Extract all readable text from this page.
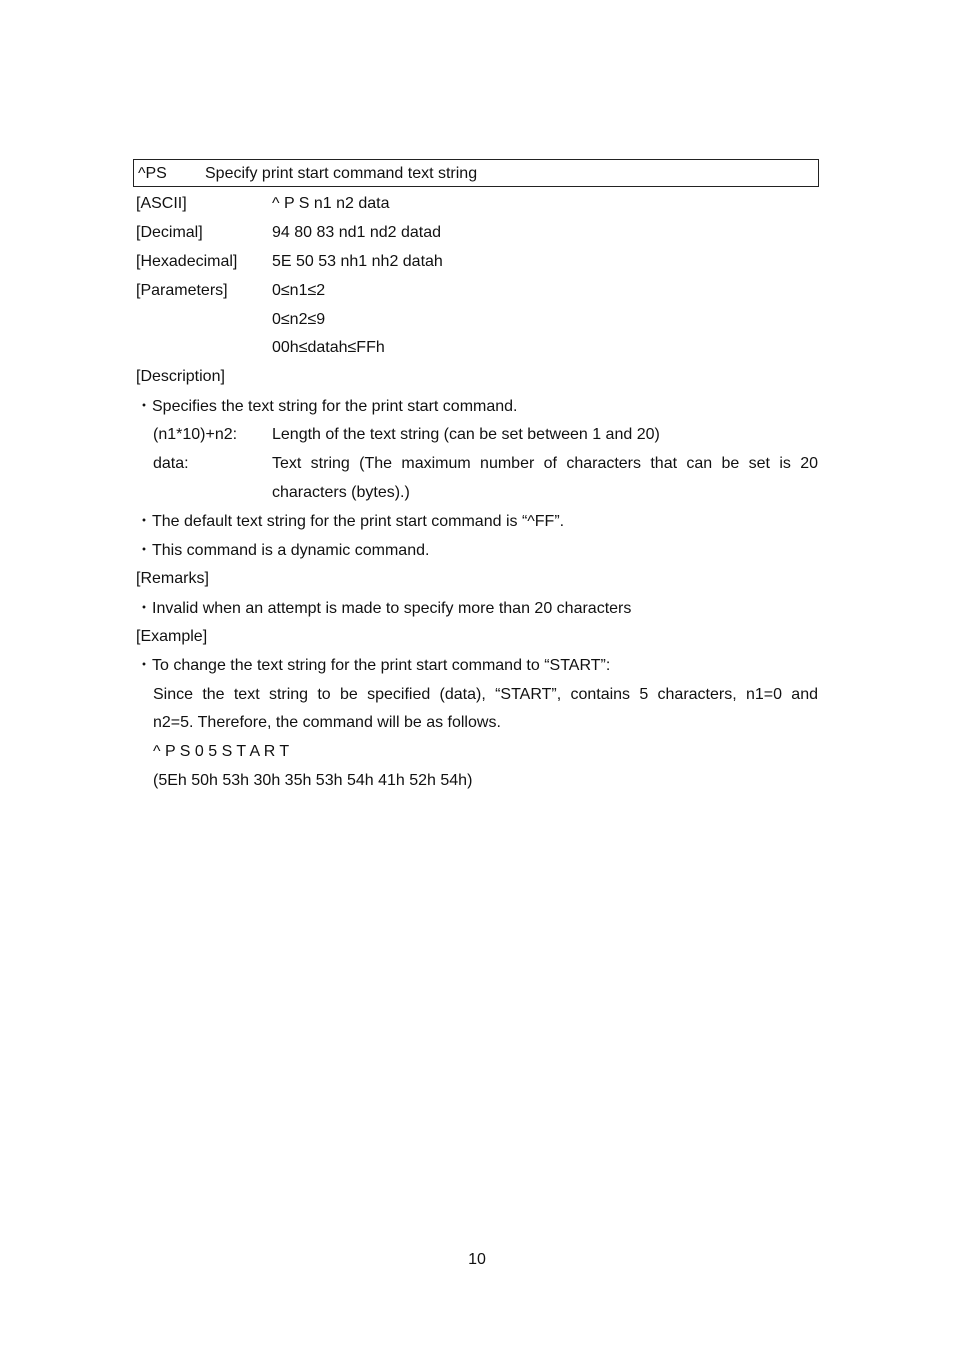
^PS Specify print start command text string
[ASCII]	^ P S n1 n2 data
[Decimal]	94 80 83 nd1 nd2 datad
[Hexadecimal] 5E 50 53 nh1 nh2 datah
[Parameters]	0≤n1≤2
0≤n2≤9
00h≤datah≤FFh
[Description]
・Specifies the text string for the print start command.
(n1*10)+n2: Length of the text string (can be set between 1 and 20)
data:	Text string (The maximum number of characters that can be set is 20
characters (bytes).)
・The default text string for the print start command is “^FF”.
・This command is a dynamic command.
[Remarks]
・Invalid when an attempt is made to specify more than 20 characters
[Example]
・To change the text string for the print start command to “START”:
Since the text string to be specified (data), “START”, contains 5 characters, n1=0 and
n2=5. Therefore, the command will be as follows.
^ P S 0 5 S T A R T
(5Eh 50h 53h 30h 35h 53h 54h 41h 52h 54h)
10
